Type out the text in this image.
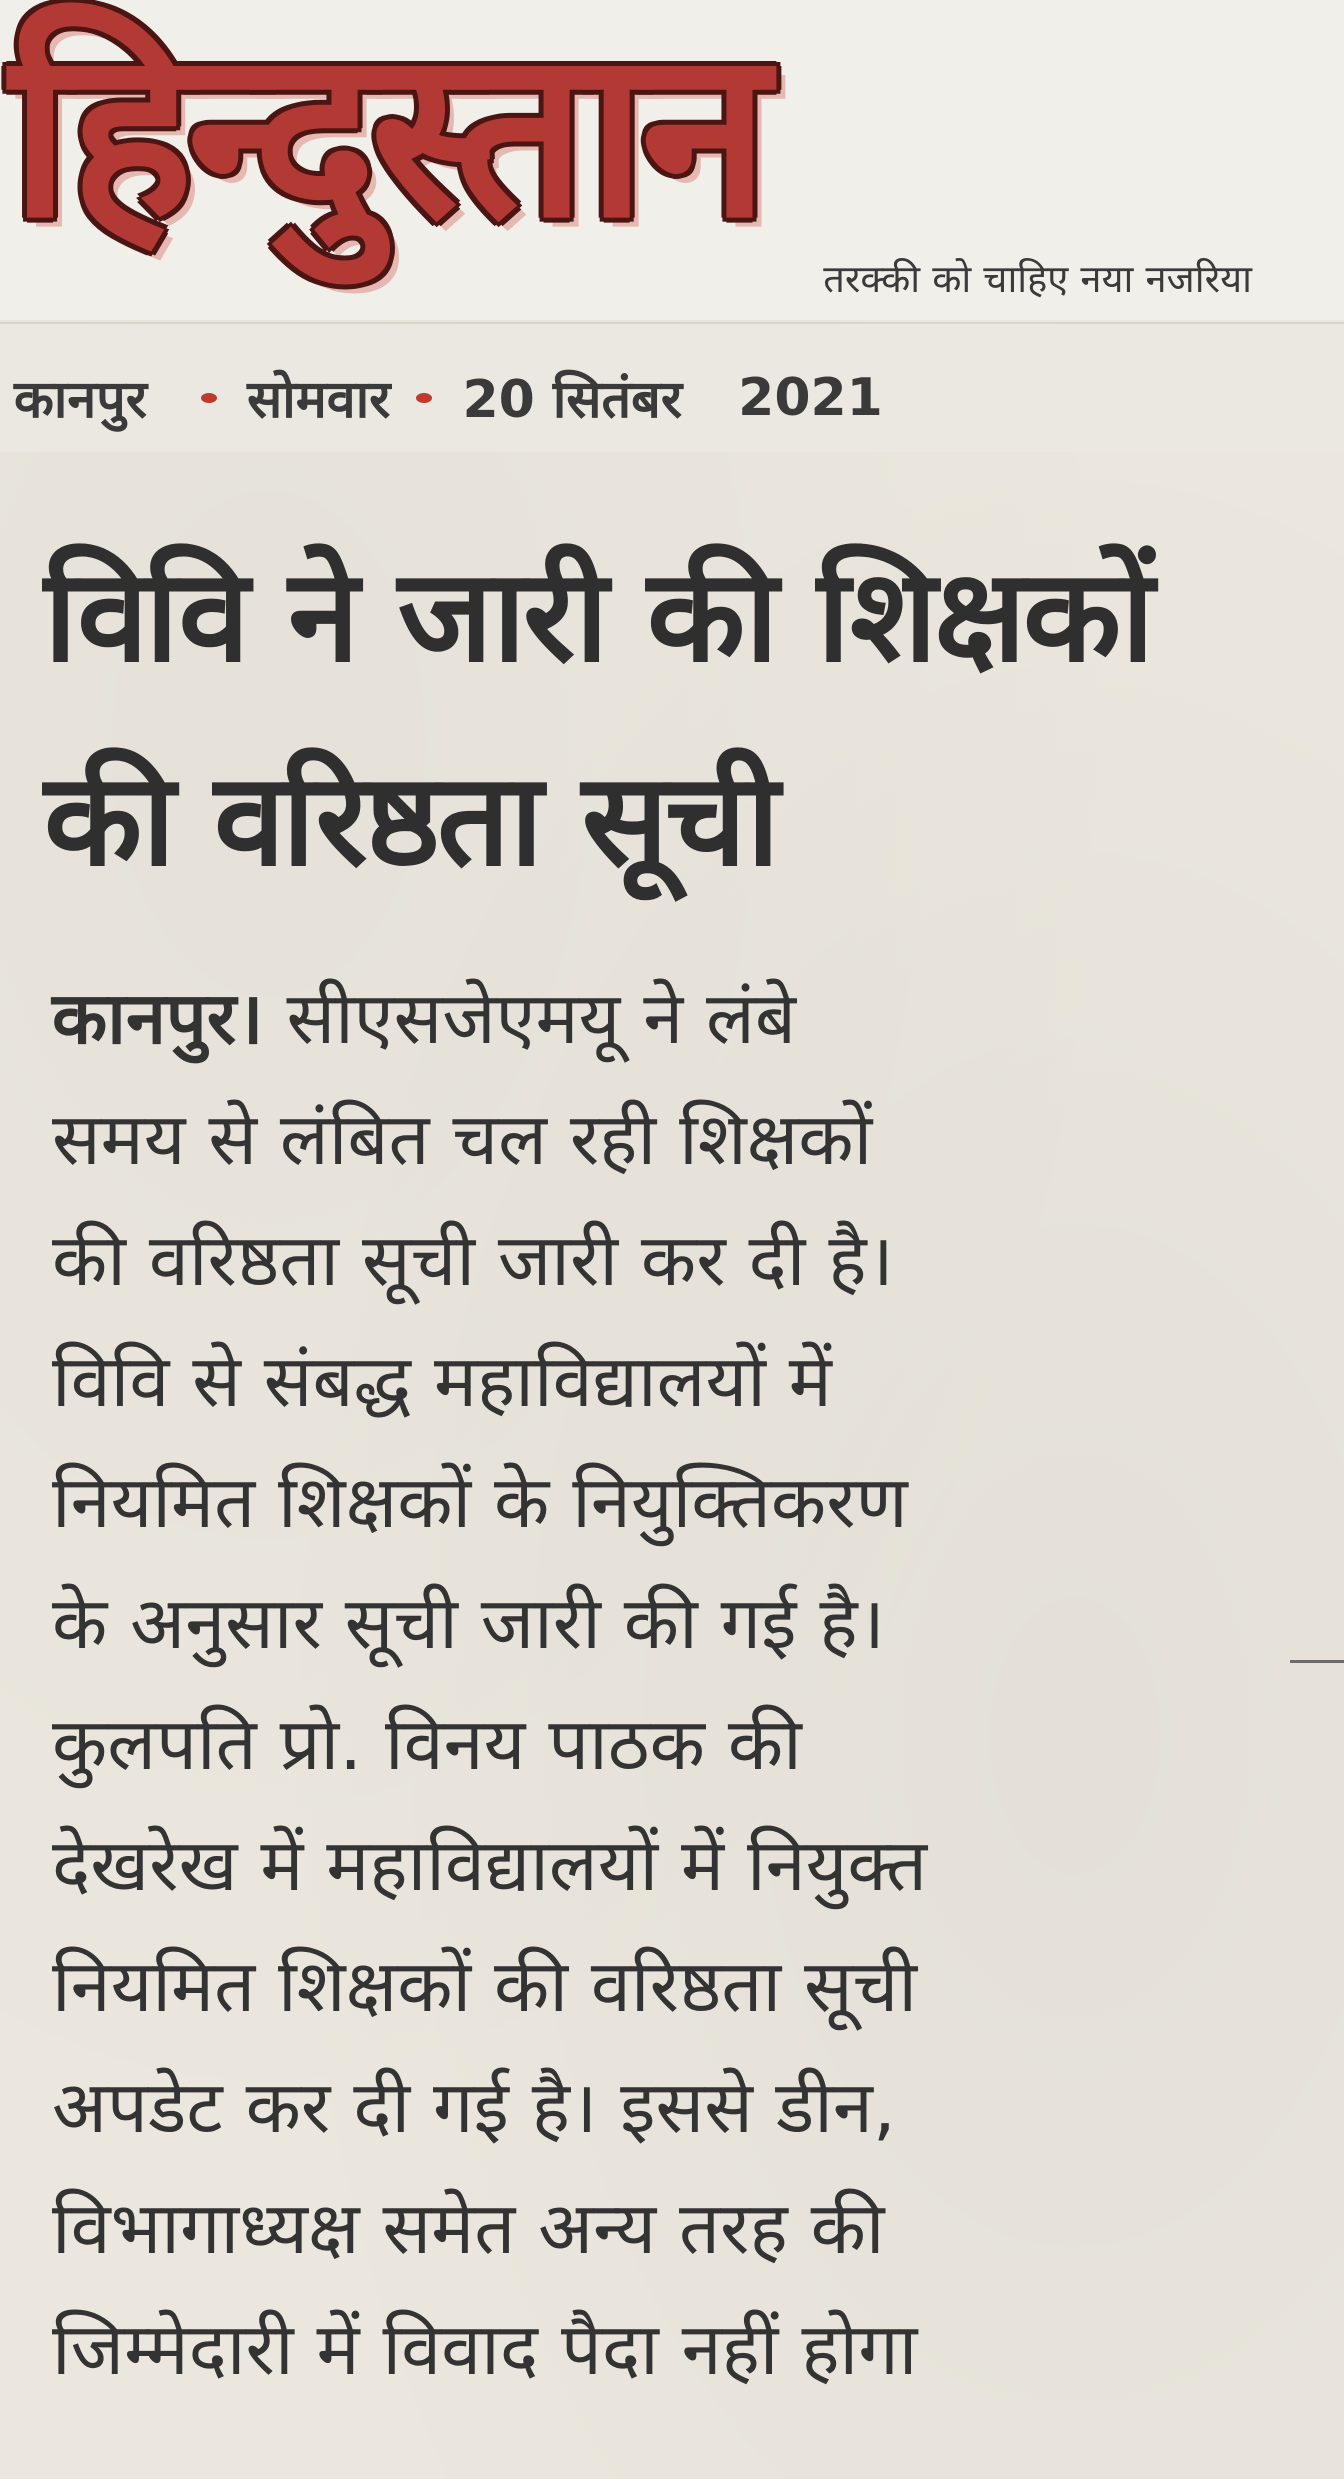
हिन्दुस्तान
तरक्की को चाहिए नया नजरिया
कानपुर सोमवार 20 सितंबर 2021
विवि ने जारी की शिक्षकों
की वरिष्ठता सूची
कानपुर। सीएसजेएमयू ने लंबे
समय से लंबित चल रही शिक्षकों
की वरिष्ठता सूची जारी कर दी है।
विवि से संबद्ध महाविद्यालयों में
नियमित शिक्षकों के नियुक्तिकरण
के अनुसार सूची जारी की गई है।
कुलपति प्रो. विनय पाठक की
देखरेख में महाविद्यालयों में नियुक्त
नियमित शिक्षकों की वरिष्ठता सूची
अपडेट कर दी गई है। इससे डीन,
विभागाध्यक्ष समेत अन्य तरह की
जिम्मेदारी में विवाद पैदा नहीं होगा
